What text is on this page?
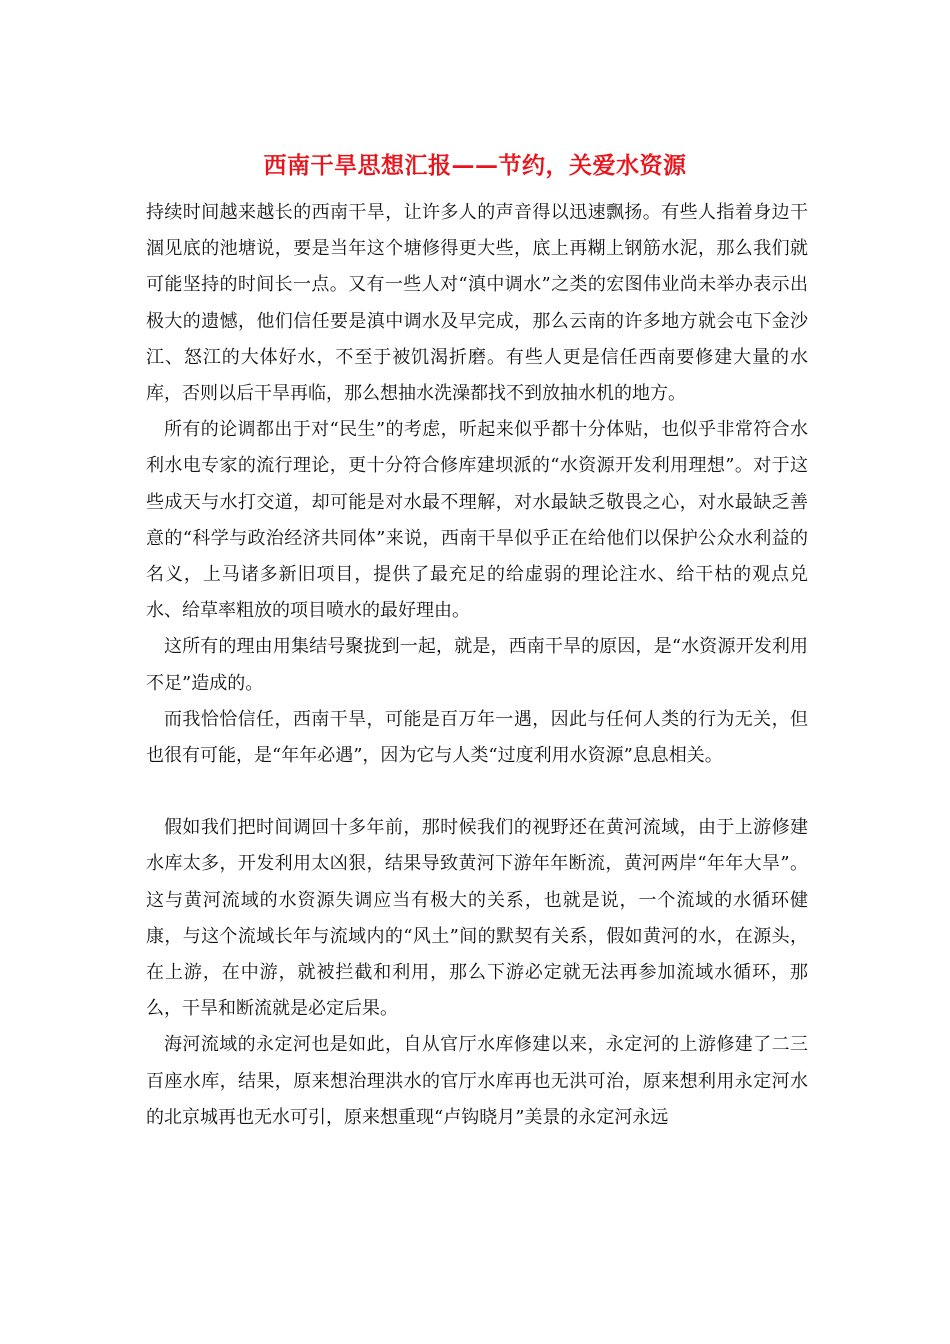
西南干旱思想汇报——节约，关爱水资源

持续时间越来越长的西南干旱，让许多人的声音得以迅速飘扬。有些人指着身边干涸见底的池塘说，要是当年这个塘修得更大些，底上再糊上钢筋水泥，那么我们就可能坚持的时间长一点。又有一些人对“滇中调水”之类的宏图伟业尚未举办表示出极大的遗憾，他们信任要是滇中调水及早完成，那么云南的许多地方就会屯下金沙江、怒江的大体好水，不至于被饥渴折磨。有些人更是信任西南要修建大量的水库，否则以后干旱再临，那么想抽水洗澡都找不到放抽水机的地方。

所有的论调都出于对“民生”的考虑，听起来似乎都十分体贴，也似乎非常符合水利水电专家的流行理论，更十分符合修库建坝派的“水资源开发利用理想”。对于这些成天与水打交道，却可能是对水最不理解，对水最缺乏敬畏之心，对水最缺乏善意的“科学与政治经济共同体”来说，西南干旱似乎正在给他们以保护公众水利益的名义，上马诸多新旧项目，提供了最充足的给虚弱的理论注水、给干枯的观点兑水、给草率粗放的项目喷水的最好理由。

这所有的理由用集结号聚拢到一起，就是，西南干旱的原因，是“水资源开发利用不足”造成的。

而我恰恰信任，西南干旱，可能是百万年一遇，因此与任何人类的行为无关，但也很有可能，是“年年必遇”，因为它与人类“过度利用水资源”息息相关。

假如我们把时间调回十多年前，那时候我们的视野还在黄河流域，由于上游修建水库太多，开发利用太凶狠，结果导致黄河下游年年断流，黄河两岸“年年大旱”。这与黄河流域的水资源失调应当有极大的关系，也就是说，一个流域的水循环健康，与这个流域长年与流域内的“风土”间的默契有关系，假如黄河的水，在源头，在上游，在中游，就被拦截和利用，那么下游必定就无法再参加流域水循环，那么，干旱和断流就是必定后果。

海河流域的永定河也是如此，自从官厅水库修建以来，永定河的上游修建了二三百座水库，结果，原来想治理洪水的官厅水库再也无洪可治，原来想利用永定河水的北京城再也无水可引，原来想重现“卢钩晓月”美景的永定河永远
